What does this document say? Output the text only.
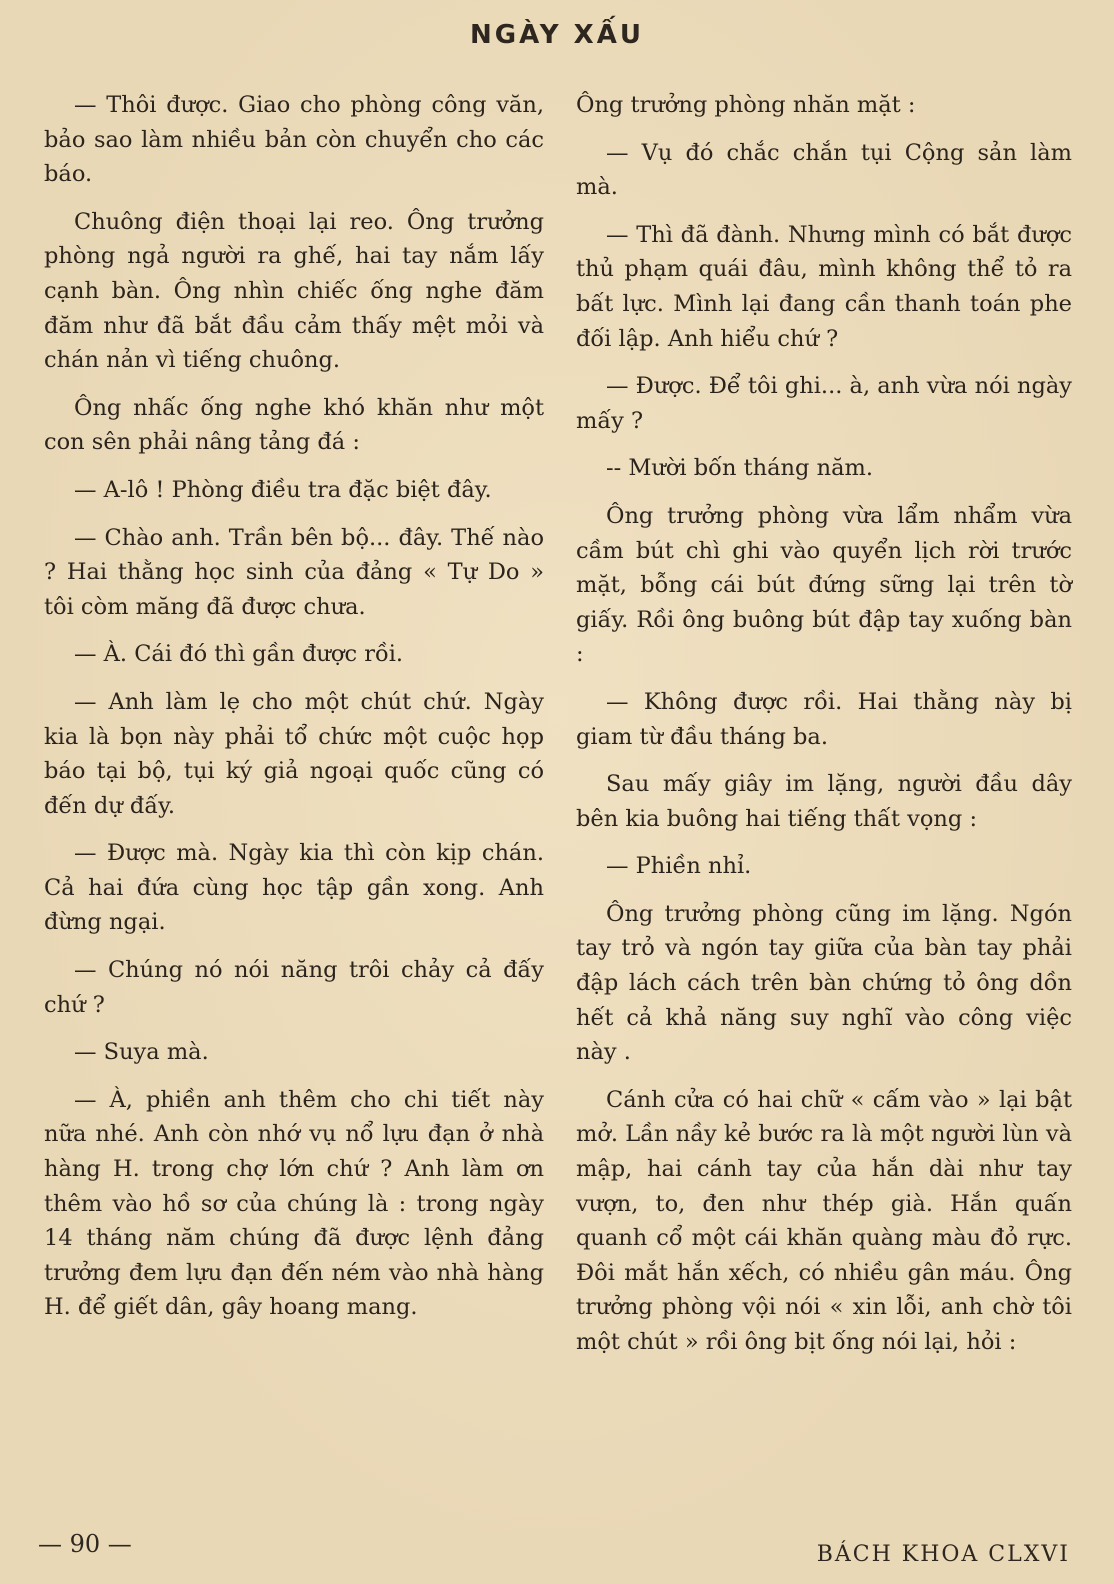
NGÀY XẤU

— Thôi được. Giao cho phòng công văn, bảo sao làm nhiều bản còn chuyển cho các báo.

Chuông điện thoại lại reo. Ông trưởng phòng ngả người ra ghế, hai tay nắm lấy cạnh bàn. Ông nhìn chiếc ống nghe đăm đăm như đã bắt đầu cảm thấy mệt mỏi và chán nản vì tiếng chuông.

Ông nhấc ống nghe khó khăn như một con sên phải nâng tảng đá :

— A-lô ! Phòng điều tra đặc biệt đây.

— Chào anh. Trần bên bộ... đây. Thế nào ? Hai thằng học sinh của đảng « Tự Do » tôi còm măng đã được chưa.

— À. Cái đó thì gần được rồi.

— Anh làm lẹ cho một chút chứ. Ngày kia là bọn này phải tổ chức một cuộc họp báo tại bộ, tụi ký giả ngoại quốc cũng có đến dự đấy.

— Được mà. Ngày kia thì còn kịp chán. Cả hai đứa cùng học tập gần xong. Anh đừng ngại.

— Chúng nó nói năng trôi chảy cả đấy chứ ?

— Suya mà.

— À, phiền anh thêm cho chi tiết này nữa nhé. Anh còn nhớ vụ nổ lựu đạn ở nhà hàng H. trong chợ lớn chứ ? Anh làm ơn thêm vào hồ sơ của chúng là : trong ngày 14 tháng năm chúng đã được lệnh đảng trưởng đem lựu đạn đến ném vào nhà hàng H. để giết dân, gây hoang mang.

Ông trưởng phòng nhăn mặt :

— Vụ đó chắc chắn tụi Cộng sản làm mà.

— Thì đã đành. Nhưng mình có bắt được thủ phạm quái đâu, mình không thể tỏ ra bất lực. Mình lại đang cần thanh toán phe đối lập. Anh hiểu chứ ?

— Được. Để tôi ghi... à, anh vừa nói ngày mấy ?

-- Mười bốn tháng năm.

Ông trưởng phòng vừa lẩm nhẩm vừa cầm bút chì ghi vào quyển lịch rời trước mặt, bỗng cái bút đứng sững lại trên tờ giấy. Rồi ông buông bút đập tay xuống bàn :

— Không được rồi. Hai thằng này bị giam từ đầu tháng ba.

Sau mấy giây im lặng, người đầu dây bên kia buông hai tiếng thất vọng :

— Phiền nhỉ.

Ông trưởng phòng cũng im lặng. Ngón tay trỏ và ngón tay giữa của bàn tay phải đập lách cách trên bàn chứng tỏ ông dồn hết cả khả năng suy nghĩ vào công việc này .

Cánh cửa có hai chữ « cấm vào » lại bật mở. Lần nầy kẻ bước ra là một người lùn và mập, hai cánh tay của hắn dài như tay vượn, to, đen như thép già. Hắn quấn quanh cổ một cái khăn quàng màu đỏ rực. Đôi mắt hắn xếch, có nhiều gân máu. Ông trưởng phòng vội nói « xin lỗi, anh chờ tôi một chút » rồi ông bịt ống nói lại, hỏi :

— 90 —	BÁCH KHOA CLXVI
